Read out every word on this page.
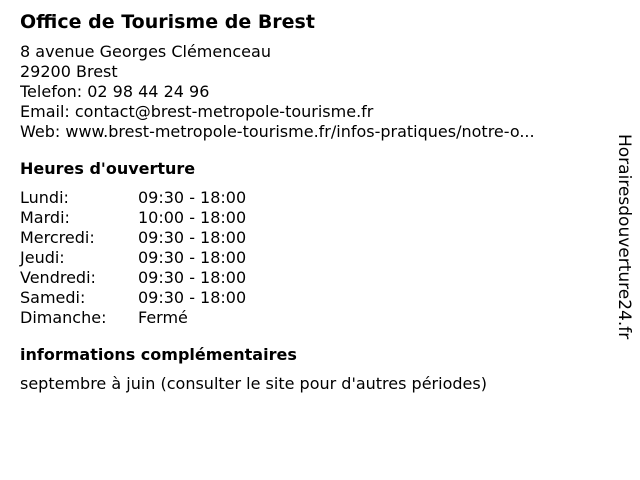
Office de Tourisme de Brest
8 avenue Georges Clémenceau
29200 Brest
Telefon: 02 98 44 24 96
Email: contact@brest-metropole-tourisme.fr
Web: www.brest-metropole-tourisme.fr/infos-pratiques/notre-o...
Heures d'ouverture
Lundi:	09:30 - 18:00
Mardi:	10:00 - 18:00
Mercredi:	09:30 - 18:00
Jeudi:	09:30 - 18:00
Vendredi:	09:30 - 18:00
Samedi:	09:30 - 18:00
Dimanche:	Fermé
informations complémentaires
septembre à juin (consulter le site pour d'autres périodes)
Horairesdouverture24.fr
